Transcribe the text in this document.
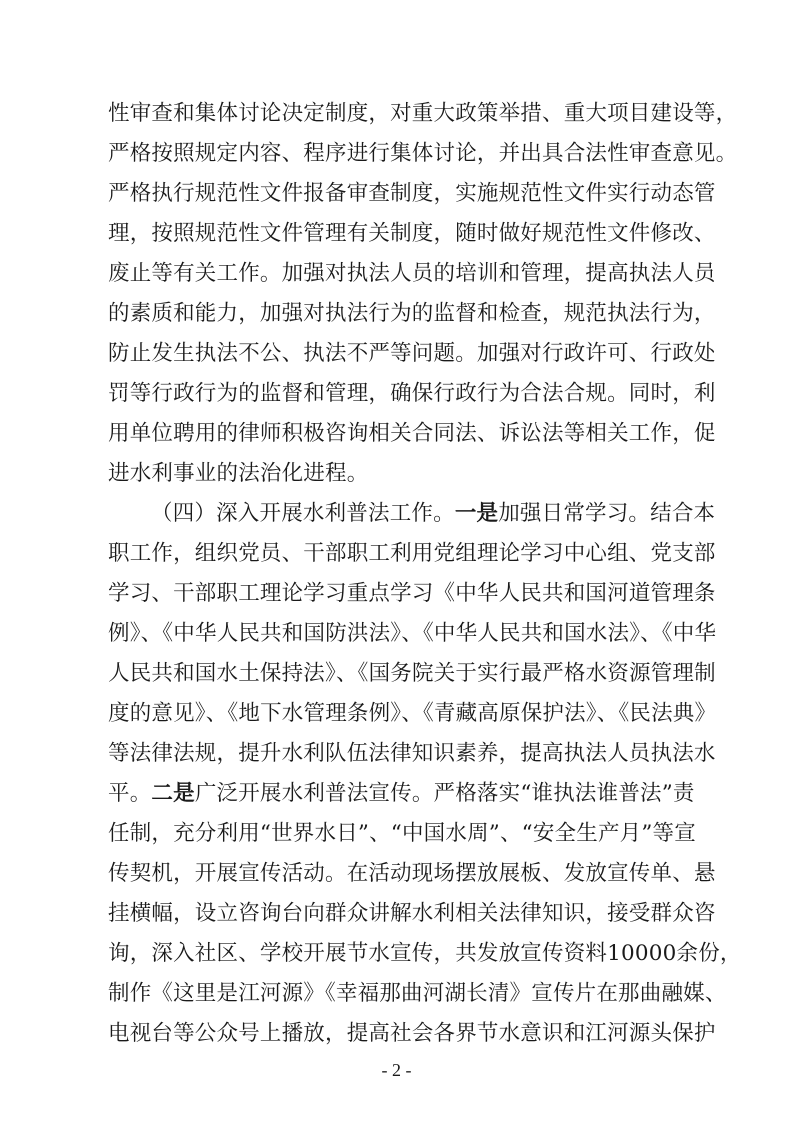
性审查和集体讨论决定制度，对重大政策举措、重大项目建设等，
严格按照规定内容、程序进行集体讨论，并出具合法性审查意见。
严格执行规范性文件报备审查制度，实施规范性文件实行动态管
理，按照规范性文件管理有关制度，随时做好规范性文件修改、
废止等有关工作。加强对执法人员的培训和管理，提高执法人员
的素质和能力，加强对执法行为的监督和检查，规范执法行为，
防止发生执法不公、执法不严等问题。加强对行政许可、行政处
罚等行政行为的监督和管理，确保行政行为合法合规。同时，利
用单位聘用的律师积极咨询相关合同法、诉讼法等相关工作，促
进水利事业的法治化进程。
（四）深入开展水利普法工作。一是加强日常学习。结合本
职工作，组织党员、干部职工利用党组理论学习中心组、党支部
学习、干部职工理论学习重点学习《中华人民共和国河道管理条
例》、《中华人民共和国防洪法》、《中华人民共和国水法》、《中华
人民共和国水土保持法》、《国务院关于实行最严格水资源管理制
度的意见》、《地下水管理条例》、《青藏高原保护法》、《民法典》
等法律法规，提升水利队伍法律知识素养，提高执法人员执法水
平。二是广泛开展水利普法宣传。严格落实“谁执法谁普法”责
任制，充分利用“世界水日”、“中国水周”、“安全生产月”等宣
传契机，开展宣传活动。在活动现场摆放展板、发放宣传单、悬
挂横幅，设立咨询台向群众讲解水利相关法律知识，接受群众咨
询，深入社区、学校开展节水宣传，共发放宣传资料10000余份，
制作《这里是江河源》《幸福那曲河湖长清》宣传片在那曲融媒、
电视台等公众号上播放，提高社会各界节水意识和江河源头保护
- 2 -
